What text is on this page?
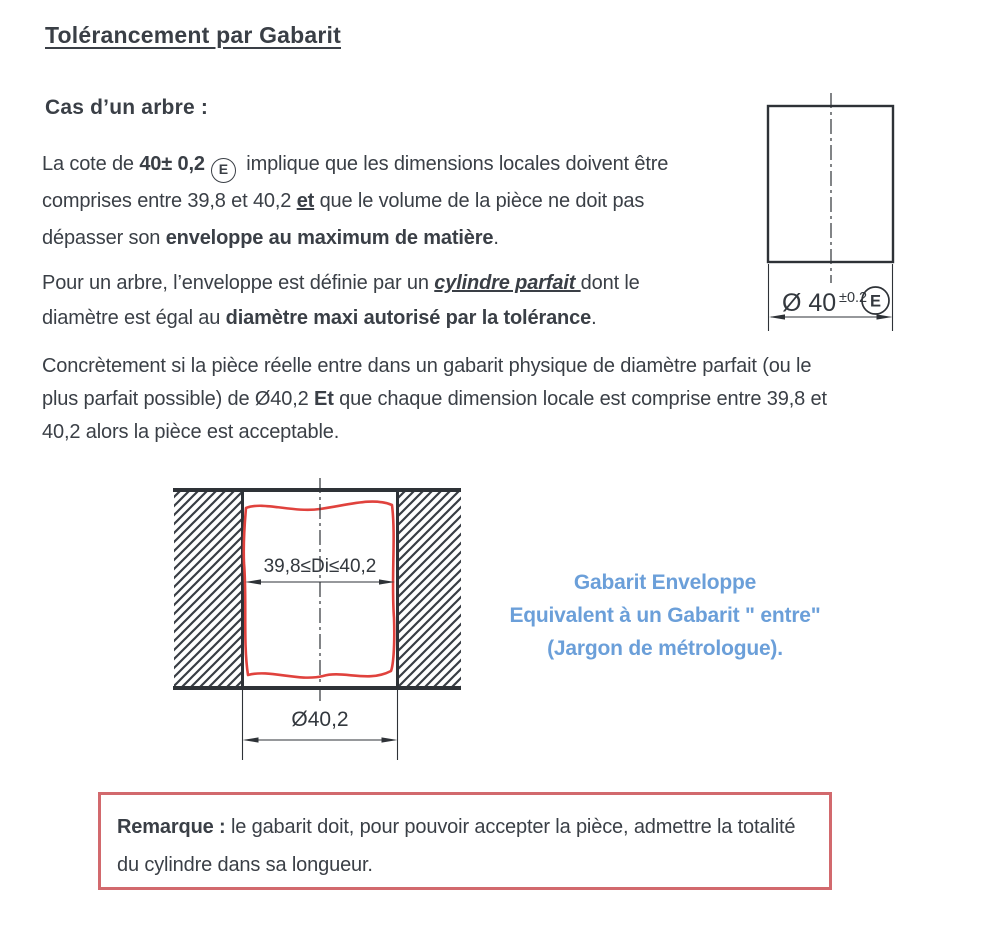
Tolérancement par Gabarit
Cas d’un arbre :
La cote de 40± 0,2 E implique que les dimensions locales doivent être
comprises entre 39,8 et 40,2 et que le volume de la pièce ne doit pas
dépasser son enveloppe au maximum de matière.
Pour un arbre, l’enveloppe est définie par un cylindre parfait dont le
diamètre est égal au diamètre maxi autorisé par la tolérance.
Concrètement si la pièce réelle entre dans un gabarit physique de diamètre parfait (ou le
plus parfait possible) de Ø40,2 Et que chaque dimension locale est comprise entre 39,8 et
40,2 alors la pièce est acceptable.
Ø 40 ±0.2 E
39,8≤Di≤40,2
Ø40,2
Gabarit Enveloppe
Equivalent à un Gabarit " entre"
(Jargon de métrologue).
Remarque : le gabarit doit, pour pouvoir accepter la pièce, admettre la totalité du cylindre dans sa longueur.
